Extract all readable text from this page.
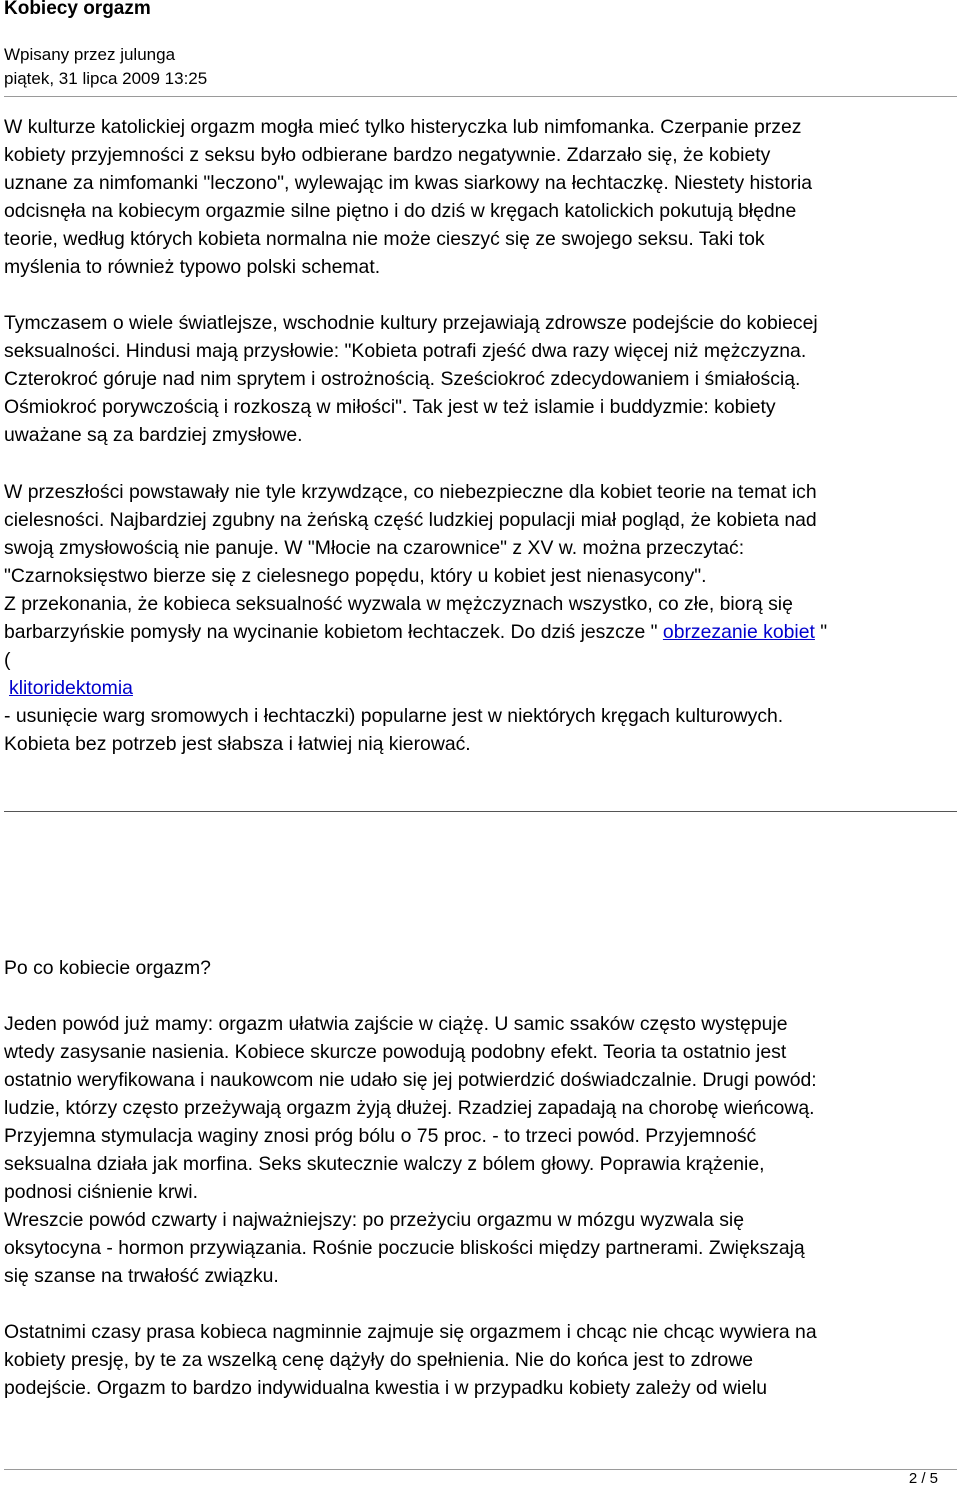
Kobiecy orgazm
Wpisany przez julunga
piątek, 31 lipca 2009 13:25
W kulturze katolickiej orgazm mogła mieć tylko histeryczka lub nimfomanka. Czerpanie przez
kobiety przyjemności z seksu było odbierane bardzo negatywnie. Zdarzało się, że kobiety
uznane za nimfomanki "leczono", wylewając im kwas siarkowy na łechtaczkę. Niestety historia
odcisnęła na kobiecym orgazmie silne piętno i do dziś w kręgach katolickich pokutują błędne
teorie, według których kobieta normalna nie może cieszyć się ze swojego seksu. Taki tok
myślenia to również typowo polski schemat.
Tymczasem o wiele światlejsze, wschodnie kultury przejawiają zdrowsze podejście do kobiecej
seksualności. Hindusi mają przysłowie: "Kobieta potrafi zjeść dwa razy więcej niż mężczyzna.
Czterokroć góruje nad nim sprytem i ostrożnością. Sześciokroć zdecydowaniem i śmiałością.
Ośmiokroć porywczością i rozkoszą w miłości". Tak jest w też islamie i buddyzmie: kobiety
uważane są za bardziej zmysłowe.
W przeszłości powstawały nie tyle krzywdzące, co niebezpieczne dla kobiet teorie na temat ich
cielesności. Najbardziej zgubny na żeńską część ludzkiej populacji miał pogląd, że kobieta nad
swoją zmysłowością nie panuje. W "Młocie na czarownice" z XV w. można przeczytać:
"Czarnoksięstwo bierze się z cielesnego popędu, który u kobiet jest nienasycony".
Z przekonania, że kobieca seksualność wyzwala w mężczyznach wszystko, co złe, biorą się
barbarzyńskie pomysły na wycinanie kobietom łechtaczek. Do dziś jeszcze " obrzezanie kobiet "
(
klitoridektomia
- usunięcie warg sromowych i łechtaczki) popularne jest w niektórych kręgach kulturowych.
Kobieta bez potrzeb jest słabsza i łatwiej nią kierować.
Po co kobiecie orgazm?
Jeden powód już mamy: orgazm ułatwia zajście w ciążę. U samic ssaków często występuje
wtedy zasysanie nasienia. Kobiece skurcze powodują podobny efekt. Teoria ta ostatnio jest
ostatnio weryfikowana i naukowcom nie udało się jej potwierdzić doświadczalnie. Drugi powód:
ludzie, którzy często przeżywają orgazm żyją dłużej. Rzadziej zapadają na chorobę wieńcową.
Przyjemna stymulacja waginy znosi próg bólu o 75 proc. - to trzeci powód. Przyjemność
seksualna działa jak morfina. Seks skutecznie walczy z bólem głowy. Poprawia krążenie,
podnosi ciśnienie krwi.
Wreszcie powód czwarty i najważniejszy: po przeżyciu orgazmu w mózgu wyzwala się
oksytocyna - hormon przywiązania. Rośnie poczucie bliskości między partnerami. Zwiększają
się szanse na trwałość związku.
Ostatnimi czasy prasa kobieca nagminnie zajmuje się orgazmem i chcąc nie chcąc wywiera na
kobiety presję, by te za wszelką cenę dążyły do spełnienia. Nie do końca jest to zdrowe
podejście. Orgazm to bardzo indywidualna kwestia i w przypadku kobiety zależy od wielu
2 / 5
